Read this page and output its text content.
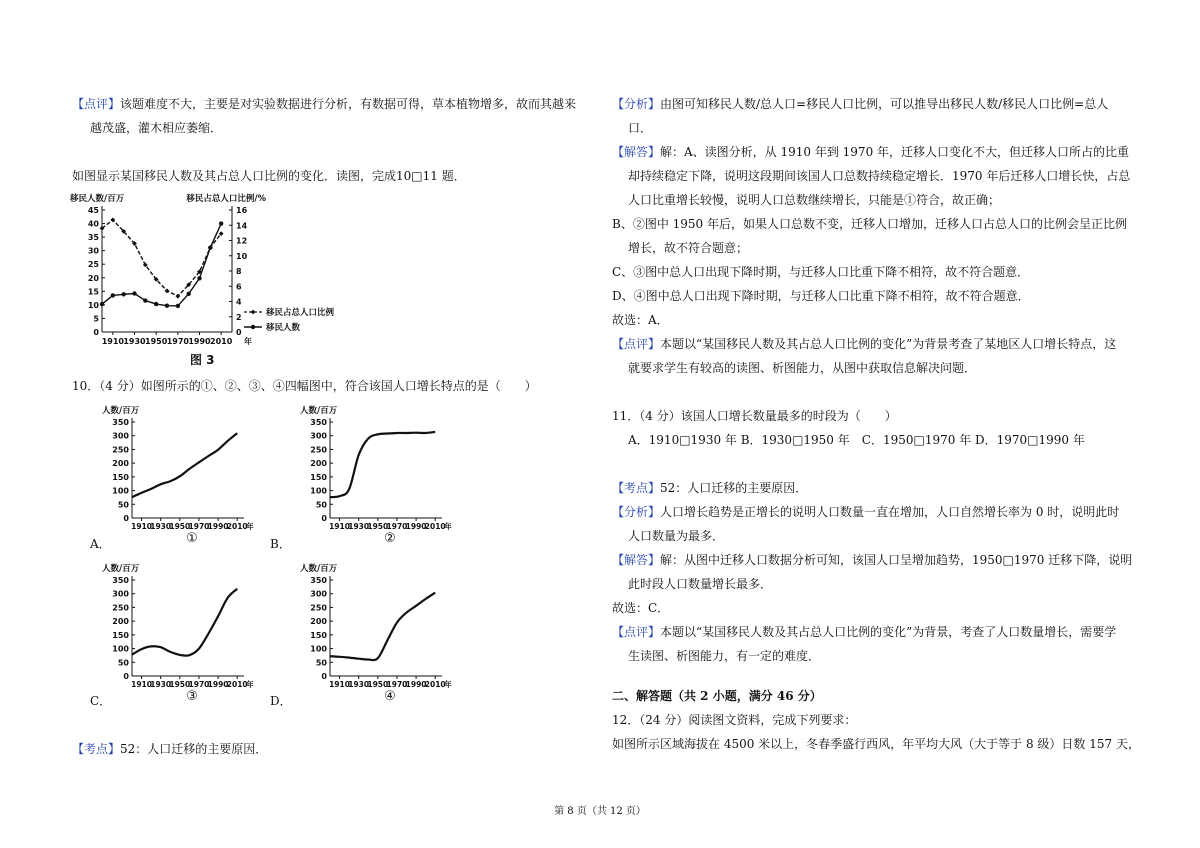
【点评】该题难度不大，主要是对实验数据进行分析，有数据可得，草本植物增多，故而其越来
越茂盛，灌木相应萎缩．
如图显示某国移民人数及其占总人口比例的变化．读图，完成10□11 题．
移民人数/百万	移民占总人口比例/%
0
5
10
15
20
25
30
35
40
45
0
2
4
6
8
10
12
14
16
1910 1930 1950 1970 1990 2010 年
移民占总人口比例
移民人数
图 3
10．（4 分）如图所示的①、②、③、④四幅图中，符合该国人口增长特点的是（　　）
人数/百万
0
50
100
150
200
250
300
350
1910
1930
1950
1970
1990
2010
年
①
人数/百万
0
50
100
150
200
250
300
350
1910
1930
1950
1970
1990
2010
年
②
人数/百万
0
50
100
150
200
250
300
350
1910
1930
1950
1970
1990
2010
年
③
人数/百万
0
50
100
150
200
250
300
350
1910
1930
1950
1970
1990
2010
年
④
A．	B．
C．	D．
【考点】52：人口迁移的主要原因．
【分析】由图可知移民人数/总人口=移民人口比例，可以推导出移民人数/移民人口比例=总人
口．
【解答】解：A、读图分析，从 1910 年到 1970 年，迁移人口变化不大，但迁移人口所占的比重
却持续稳定下降，说明这段期间该国人口总数持续稳定增长．1970 年后迁移人口增长快，占总
人口比重增长较慢，说明人口总数继续增长，只能是①符合，故正确；
B、②图中 1950 年后，如果人口总数不变，迁移人口增加，迁移人口占总人口的比例会呈正比例
增长，故不符合题意；
C、③图中总人口出现下降时期，与迁移人口比重下降不相符，故不符合题意．
D、④图中总人口出现下降时期，与迁移人口比重下降不相符，故不符合题意．
故选：A．
【点评】本题以“某国移民人数及其占总人口比例的变化”为背景考查了某地区人口增长特点，这
就要求学生有较高的读图、析图能力，从图中获取信息解决问题．
11．（4 分）该国人口增长数量最多的时段为（　　）
A．1910□1930 年 B．1930□1950 年　C．1950□1970 年 D．1970□1990 年
【考点】52：人口迁移的主要原因．
【分析】人口增长趋势是正增长的说明人口数量一直在增加，人口自然增长率为 0 时，说明此时
人口数量为最多．
【解答】解：从图中迁移人口数据分析可知，该国人口呈增加趋势，1950□1970 迁移下降，说明
此时段人口数量增长最多．
故选：C．
【点评】本题以“某国移民人数及其占总人口比例的变化”为背景，考查了人口数量增长，需要学
生读图、析图能力，有一定的难度．
二、解答题（共 2 小题，满分 46 分）
12．（24 分）阅读图文资料，完成下列要求：
如图所示区域海拔在 4500 米以上，冬春季盛行西风，年平均大风（大于等于 8 级）日数 157 天，
第 8 页（共 12 页）
